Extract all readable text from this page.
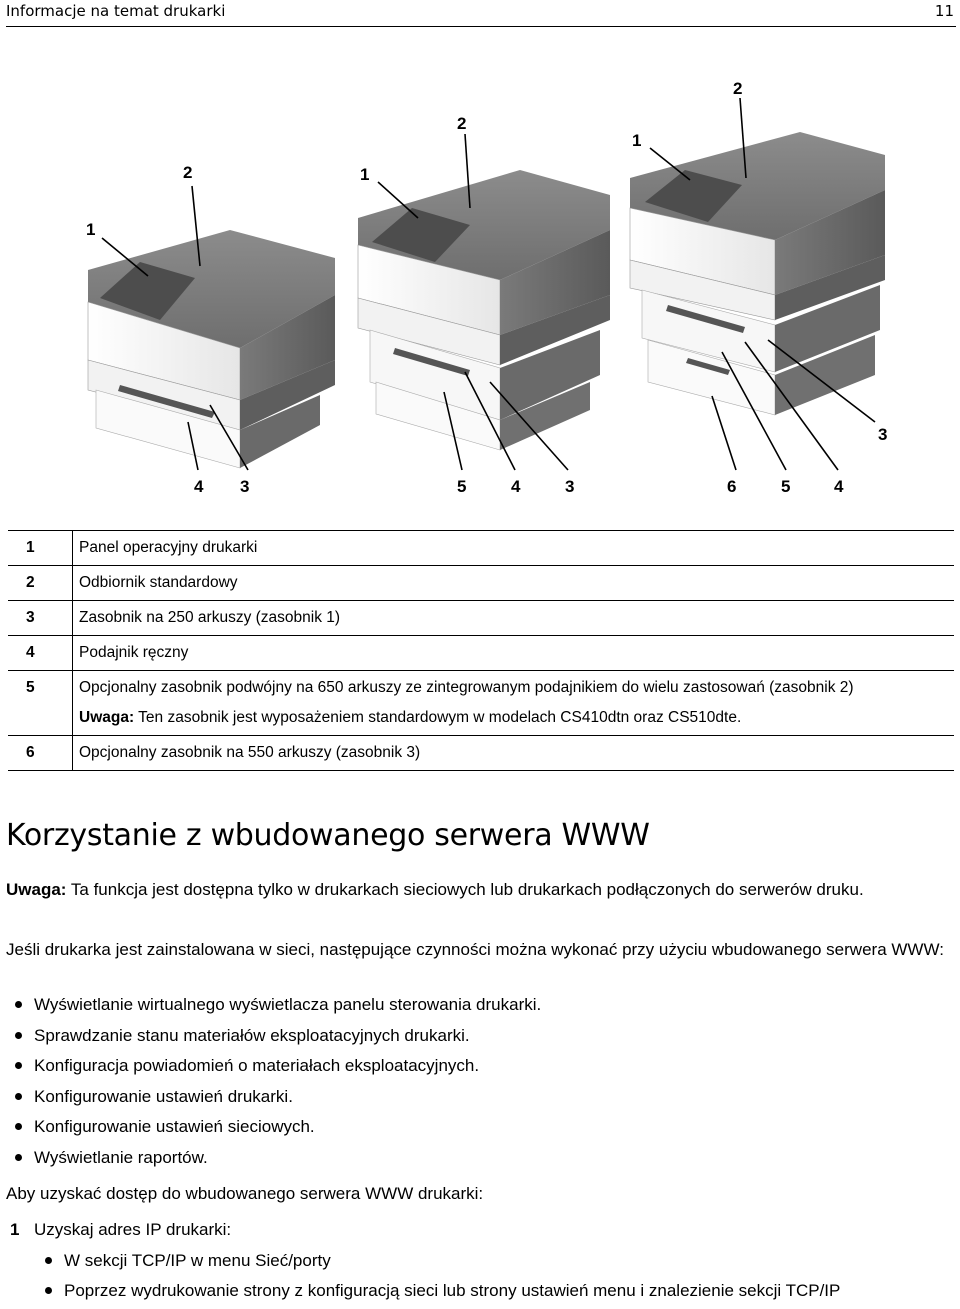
Informacje na temat drukarki	11
1
2
4 3
1
2
5	4	3
1
2
6	5	4
3
1	Panel operacyjny drukarki
2	Odbiornik standardowy
3	Zasobnik na 250 arkuszy (zasobnik 1)
4	Podajnik ręczny
5	Opcjonalny zasobnik podwójny na 650 arkuszy ze zintegrowanym podajnikiem do wielu zastosowań (zasobnik 2)
Uwaga: Ten zasobnik jest wyposażeniem standardowym w modelach CS410dtn oraz CS510dte.

6	Opcjonalny zasobnik na 550 arkuszy (zasobnik 3)
Korzystanie z wbudowanego serwera WWW
Uwaga: Ta funkcja jest dostępna tylko w drukarkach sieciowych lub drukarkach podłączonych do serwerów druku.
Jeśli drukarka jest zainstalowana w sieci, następujące czynności można wykonać przy użyciu wbudowanego serwera WWW:
Wyświetlanie wirtualnego wyświetlacza panelu sterowania drukarki.
Sprawdzanie stanu materiałów eksploatacyjnych drukarki.
Konfiguracja powiadomień o materiałach eksploatacyjnych.
Konfigurowanie ustawień drukarki.
Konfigurowanie ustawień sieciowych.
Wyświetlanie raportów.
Aby uzyskać dostęp do wbudowanego serwera WWW drukarki:
1 Uzyskaj adres IP drukarki:
W sekcji TCP/IP w menu Sieć/porty
Poprzez wydrukowanie strony z konfiguracją sieci lub strony ustawień menu i znalezienie sekcji TCP/IP
